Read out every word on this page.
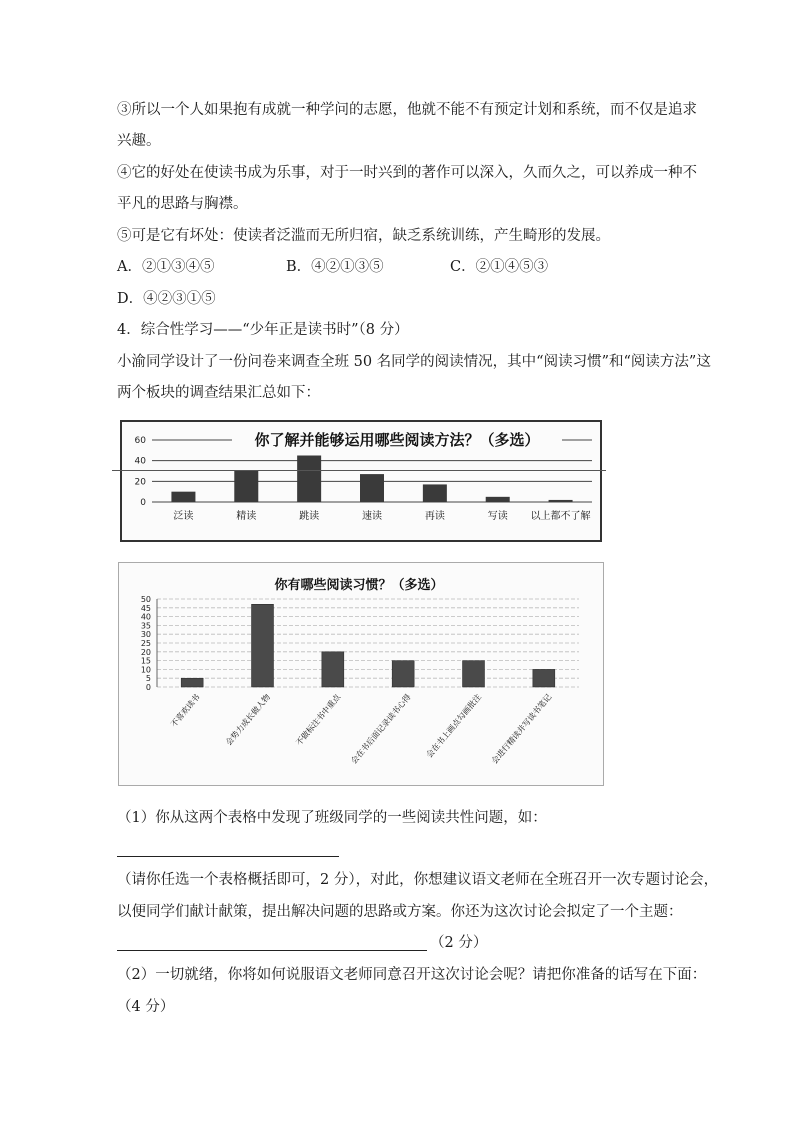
③所以一个人如果抱有成就一种学问的志愿，他就不能不有预定计划和系统，而不仅是追求
兴趣。
④它的好处在使读书成为乐事，对于一时兴到的著作可以深入，久而久之，可以养成一种不
平凡的思路与胸襟。
⑤可是它有坏处：使读者泛滥而无所归宿，缺乏系统训练，产生畸形的发展。
A．②①③④⑤	B．④②①③⑤	C．②①④⑤③
D．④②③①⑤
4．综合性学习——“少年正是读书时”（8 分）
小渝同学设计了一份问卷来调查全班 50 名同学的阅读情况，其中“阅读习惯”和“阅读方法”这
两个板块的调查结果汇总如下：
0
20
40
60	你了解并能够运用哪些阅读方法？（多选）
泛读	精读	跳读	速读	再读	写读 以上都不了解
0
5
10
15
20
25
30
35
40
45
50
你有哪些阅读习惯？（多选）
不喜欢读书	会势力成长做人物	不做标注书中重点 会在书后面记录读书心得 会在书上画点勾画批注 会进行精读并写读书笔记
（1）你从这两个表格中发现了班级同学的一些阅读共性问题，如：
（请你任选一个表格概括即可，2 分），对此，你想建议语文老师在全班召开一次专题讨论会，
以便同学们献计献策，提出解决问题的思路或方案。你还为这次讨论会拟定了一个主题：
（2 分）
（2）一切就绪，你将如何说服语文老师同意召开这次讨论会呢？请把你准备的话写在下面：
（4 分）
